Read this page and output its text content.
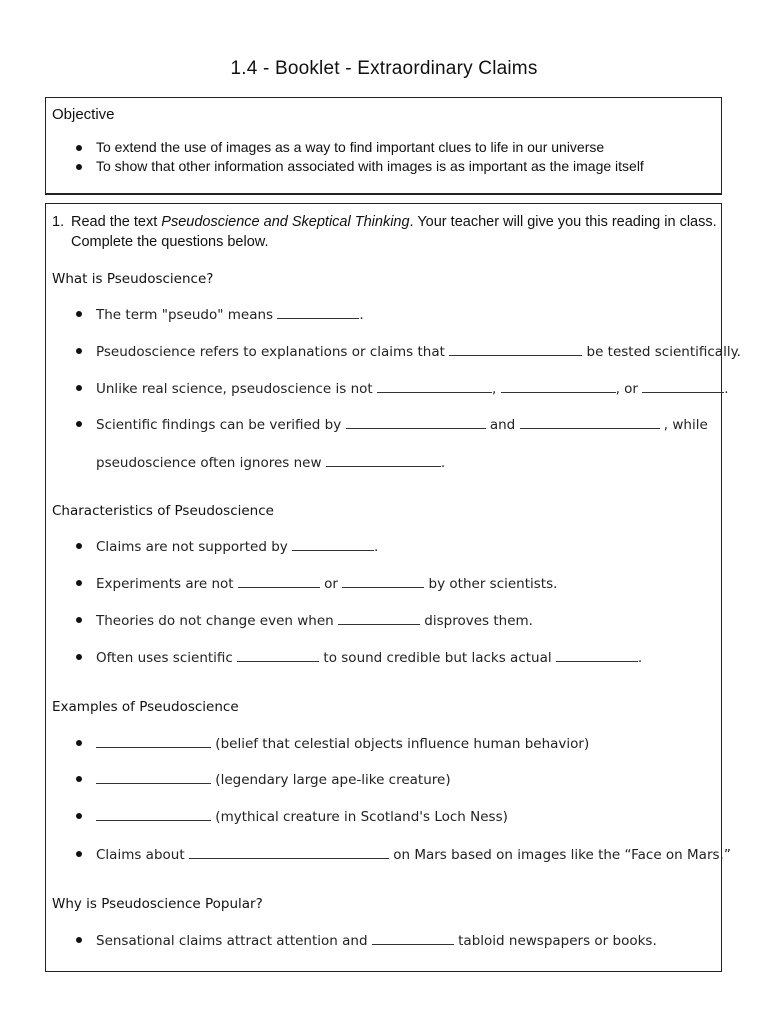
1.4 - Booklet - Extraordinary Claims
Objective
To extend the use of images as a way to find important clues to life in our universe
To show that other information associated with images is as important as the image itself
1. Read the text Pseudoscience and Skeptical Thinking. Your teacher will give you this reading in class. Complete the questions below.
What is Pseudoscience?
The term "pseudo" means	.
Pseudoscience refers to explanations or claims that	be tested scientifically.
Unlike real science, pseudoscience is not	,	, or	.
Scientific findings can be verified by	and	, while
pseudoscience often ignores new	.
Characteristics of Pseudoscience
Claims are not supported by	.
Experiments are not	or	by other scientists.
Theories do not change even when	disproves them.
Often uses scientific	to sound credible but lacks actual	.
Examples of Pseudoscience
(belief that celestial objects influence human behavior)
(legendary large ape-like creature)
(mythical creature in Scotland's Loch Ness)
Claims about	on Mars based on images like the “Face on Mars.”
Why is Pseudoscience Popular?
Sensational claims attract attention and	tabloid newspapers or books.
